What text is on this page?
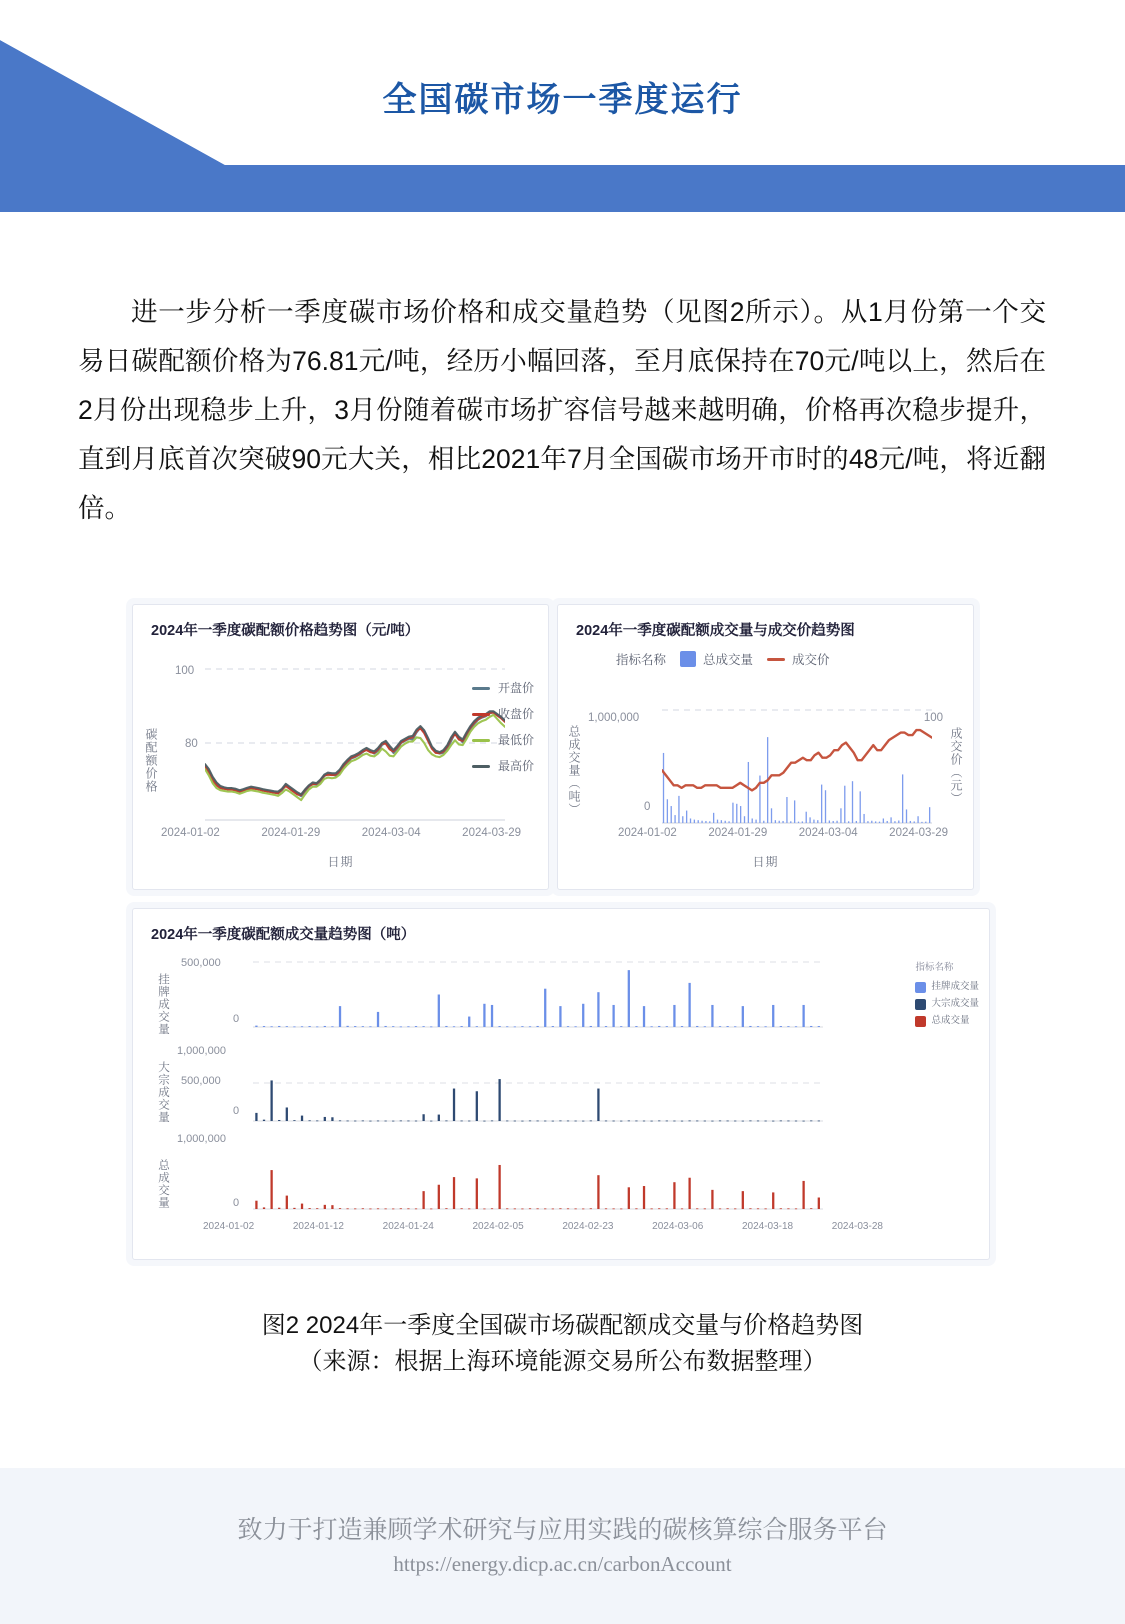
全国碳市场一季度运行
进一步分析一季度碳市场价格和成交量趋势（见图2所示）。从1月份第一个交易日碳配额价格为76.81元/吨，经历小幅回落，至月底保持在70元/吨以上，然后在2月份出现稳步上升，3月份随着碳市场扩容信号越来越明确，价格再次稳步提升，直到月底首次突破90元大关，相比2021年7月全国碳市场开市时的48元/吨，将近翻倍。
2024年一季度碳配额价格趋势图（元/吨）
碳配额价格
100
80
开盘价
收盘价
最低价
最高价
2024-01-02	2024-01-29	2024-03-04	2024-03-29
日期
2024年一季度碳配额成交量与成交价趋势图
指标名称	总成交量	成交价
总成交量（吨）	成交价（元）
1,000,000
0
100
2024-01-02	2024-01-29	2024-03-04	2024-03-29
日期
2024年一季度碳配额成交量趋势图（吨）
挂牌成交量
500,000
0
大宗成交量
1,000,000
500,000
0
总成交量
1,000,000
0
2024-01-02	2024-01-12	2024-01-24	2024-02-05	2024-02-23	2024-03-06	2024-03-18	2024-03-28
指标名称
挂牌成交量
大宗成交量
总成交量
图2 2024年一季度全国碳市场碳配额成交量与价格趋势图
（来源：根据上海环境能源交易所公布数据整理）
致力于打造兼顾学术研究与应用实践的碳核算综合服务平台
https://energy.dicp.ac.cn/carbonAccount
